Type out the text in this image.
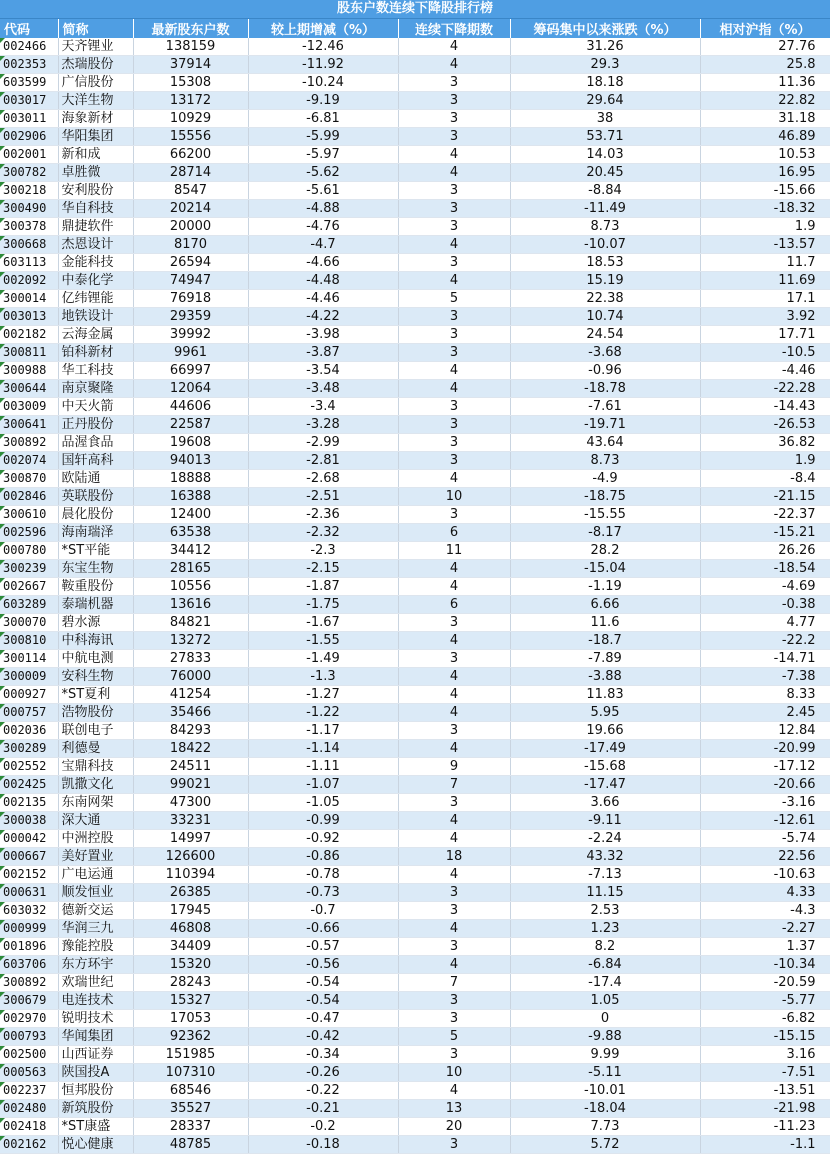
股东户数连续下降股排行榜
代码	简称	最新股东户数	较上期增减（%）	连续下降期数	筹码集中以来涨跌（%）	相对沪指（%）
002466	天齐锂业	138159	-12.46	4	31.26	27.76
002353	杰瑞股份	37914	-11.92	4	29.3	25.8
603599	广信股份	15308	-10.24	3	18.18	11.36
003017	大洋生物	13172	-9.19	3	29.64	22.82
003011	海象新材	10929	-6.81	3	38	31.18
002906	华阳集团	15556	-5.99	3	53.71	46.89
002001	新和成	66200	-5.97	4	14.03	10.53
300782	卓胜微	28714	-5.62	4	20.45	16.95
300218	安利股份	8547	-5.61	3	-8.84	-15.66
300490	华自科技	20214	-4.88	3	-11.49	-18.32
300378	鼎捷软件	20000	-4.76	3	8.73	1.9
300668	杰恩设计	8170	-4.7	4	-10.07	-13.57
603113	金能科技	26594	-4.66	3	18.53	11.7
002092	中泰化学	74947	-4.48	4	15.19	11.69
300014	亿纬锂能	76918	-4.46	5	22.38	17.1
003013	地铁设计	29359	-4.22	3	10.74	3.92
002182	云海金属	39992	-3.98	3	24.54	17.71
300811	铂科新材	9961	-3.87	3	-3.68	-10.5
300988	华工科技	66997	-3.54	4	-0.96	-4.46
300644	南京聚隆	12064	-3.48	4	-18.78	-22.28
003009	中天火箭	44606	-3.4	3	-7.61	-14.43
300641	正丹股份	22587	-3.28	3	-19.71	-26.53
300892	品渥食品	19608	-2.99	3	43.64	36.82
002074	国轩高科	94013	-2.81	3	8.73	1.9
300870	欧陆通	18888	-2.68	4	-4.9	-8.4
002846	英联股份	16388	-2.51	10	-18.75	-21.15
300610	晨化股份	12400	-2.36	3	-15.55	-22.37
002596	海南瑞泽	63538	-2.32	6	-8.17	-15.21
000780	*ST平能	34412	-2.3	11	28.2	26.26
300239	东宝生物	28165	-2.15	4	-15.04	-18.54
002667	鞍重股份	10556	-1.87	4	-1.19	-4.69
603289	泰瑞机器	13616	-1.75	6	6.66	-0.38
300070	碧水源	84821	-1.67	3	11.6	4.77
300810	中科海讯	13272	-1.55	4	-18.7	-22.2
300114	中航电测	27833	-1.49	3	-7.89	-14.71
300009	安科生物	76000	-1.3	4	-3.88	-7.38
000927	*ST夏利	41254	-1.27	4	11.83	8.33
000757	浩物股份	35466	-1.22	4	5.95	2.45
002036	联创电子	84293	-1.17	3	19.66	12.84
300289	利德曼	18422	-1.14	4	-17.49	-20.99
002552	宝鼎科技	24511	-1.11	9	-15.68	-17.12
002425	凯撒文化	99021	-1.07	7	-17.47	-20.66
002135	东南网架	47300	-1.05	3	3.66	-3.16
300038	深大通	33231	-0.99	4	-9.11	-12.61
000042	中洲控股	14997	-0.92	4	-2.24	-5.74
000667	美好置业	126600	-0.86	18	43.32	22.56
002152	广电运通	110394	-0.78	4	-7.13	-10.63
000631	顺发恒业	26385	-0.73	3	11.15	4.33
603032	德新交运	17945	-0.7	3	2.53	-4.3
000999	华润三九	46808	-0.66	4	1.23	-2.27
001896	豫能控股	34409	-0.57	3	8.2	1.37
603706	东方环宇	15320	-0.56	4	-6.84	-10.34
300892	欢瑞世纪	28243	-0.54	7	-17.4	-20.59
300679	电连技术	15327	-0.54	3	1.05	-5.77
002970	锐明技术	17053	-0.47	3	0	-6.82
000793	华闻集团	92362	-0.42	5	-9.88	-15.15
002500	山西证券	151985	-0.34	3	9.99	3.16
000563	陕国投A	107310	-0.26	10	-5.11	-7.51
002237	恒邦股份	68546	-0.22	4	-10.01	-13.51
002480	新筑股份	35527	-0.21	13	-18.04	-21.98
002418	*ST康盛	28337	-0.2	20	7.73	-11.23
002162	悦心健康	48785	-0.18	3	5.72	-1.1
